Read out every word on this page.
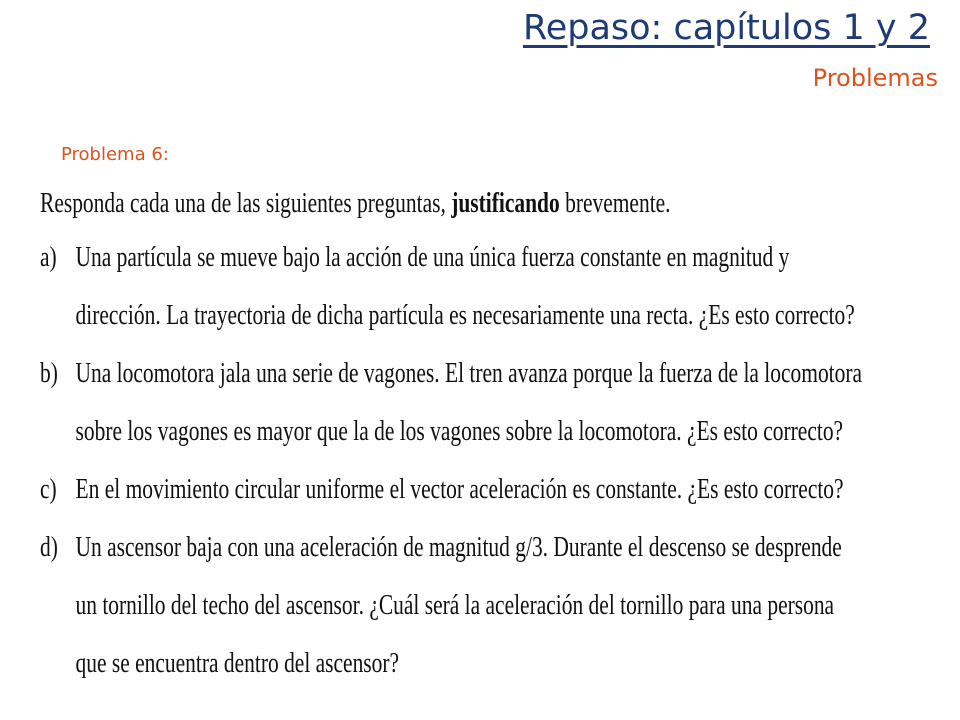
Repaso: capítulos 1 y 2
Problemas
Problema 6:
Responda cada una de las siguientes preguntas, justificando brevemente.
a) Una partícula se mueve bajo la acción de una única fuerza constante en magnitud y
dirección. La trayectoria de dicha partícula es necesariamente una recta. ¿Es esto correcto?
b) Una locomotora jala una serie de vagones. El tren avanza porque la fuerza de la locomotora
sobre los vagones es mayor que la de los vagones sobre la locomotora. ¿Es esto correcto?
c) En el movimiento circular uniforme el vector aceleración es constante. ¿Es esto correcto?
d) Un ascensor baja con una aceleración de magnitud g/3. Durante el descenso se desprende
un tornillo del techo del ascensor. ¿Cuál será la aceleración del tornillo para una persona
que se encuentra dentro del ascensor?
